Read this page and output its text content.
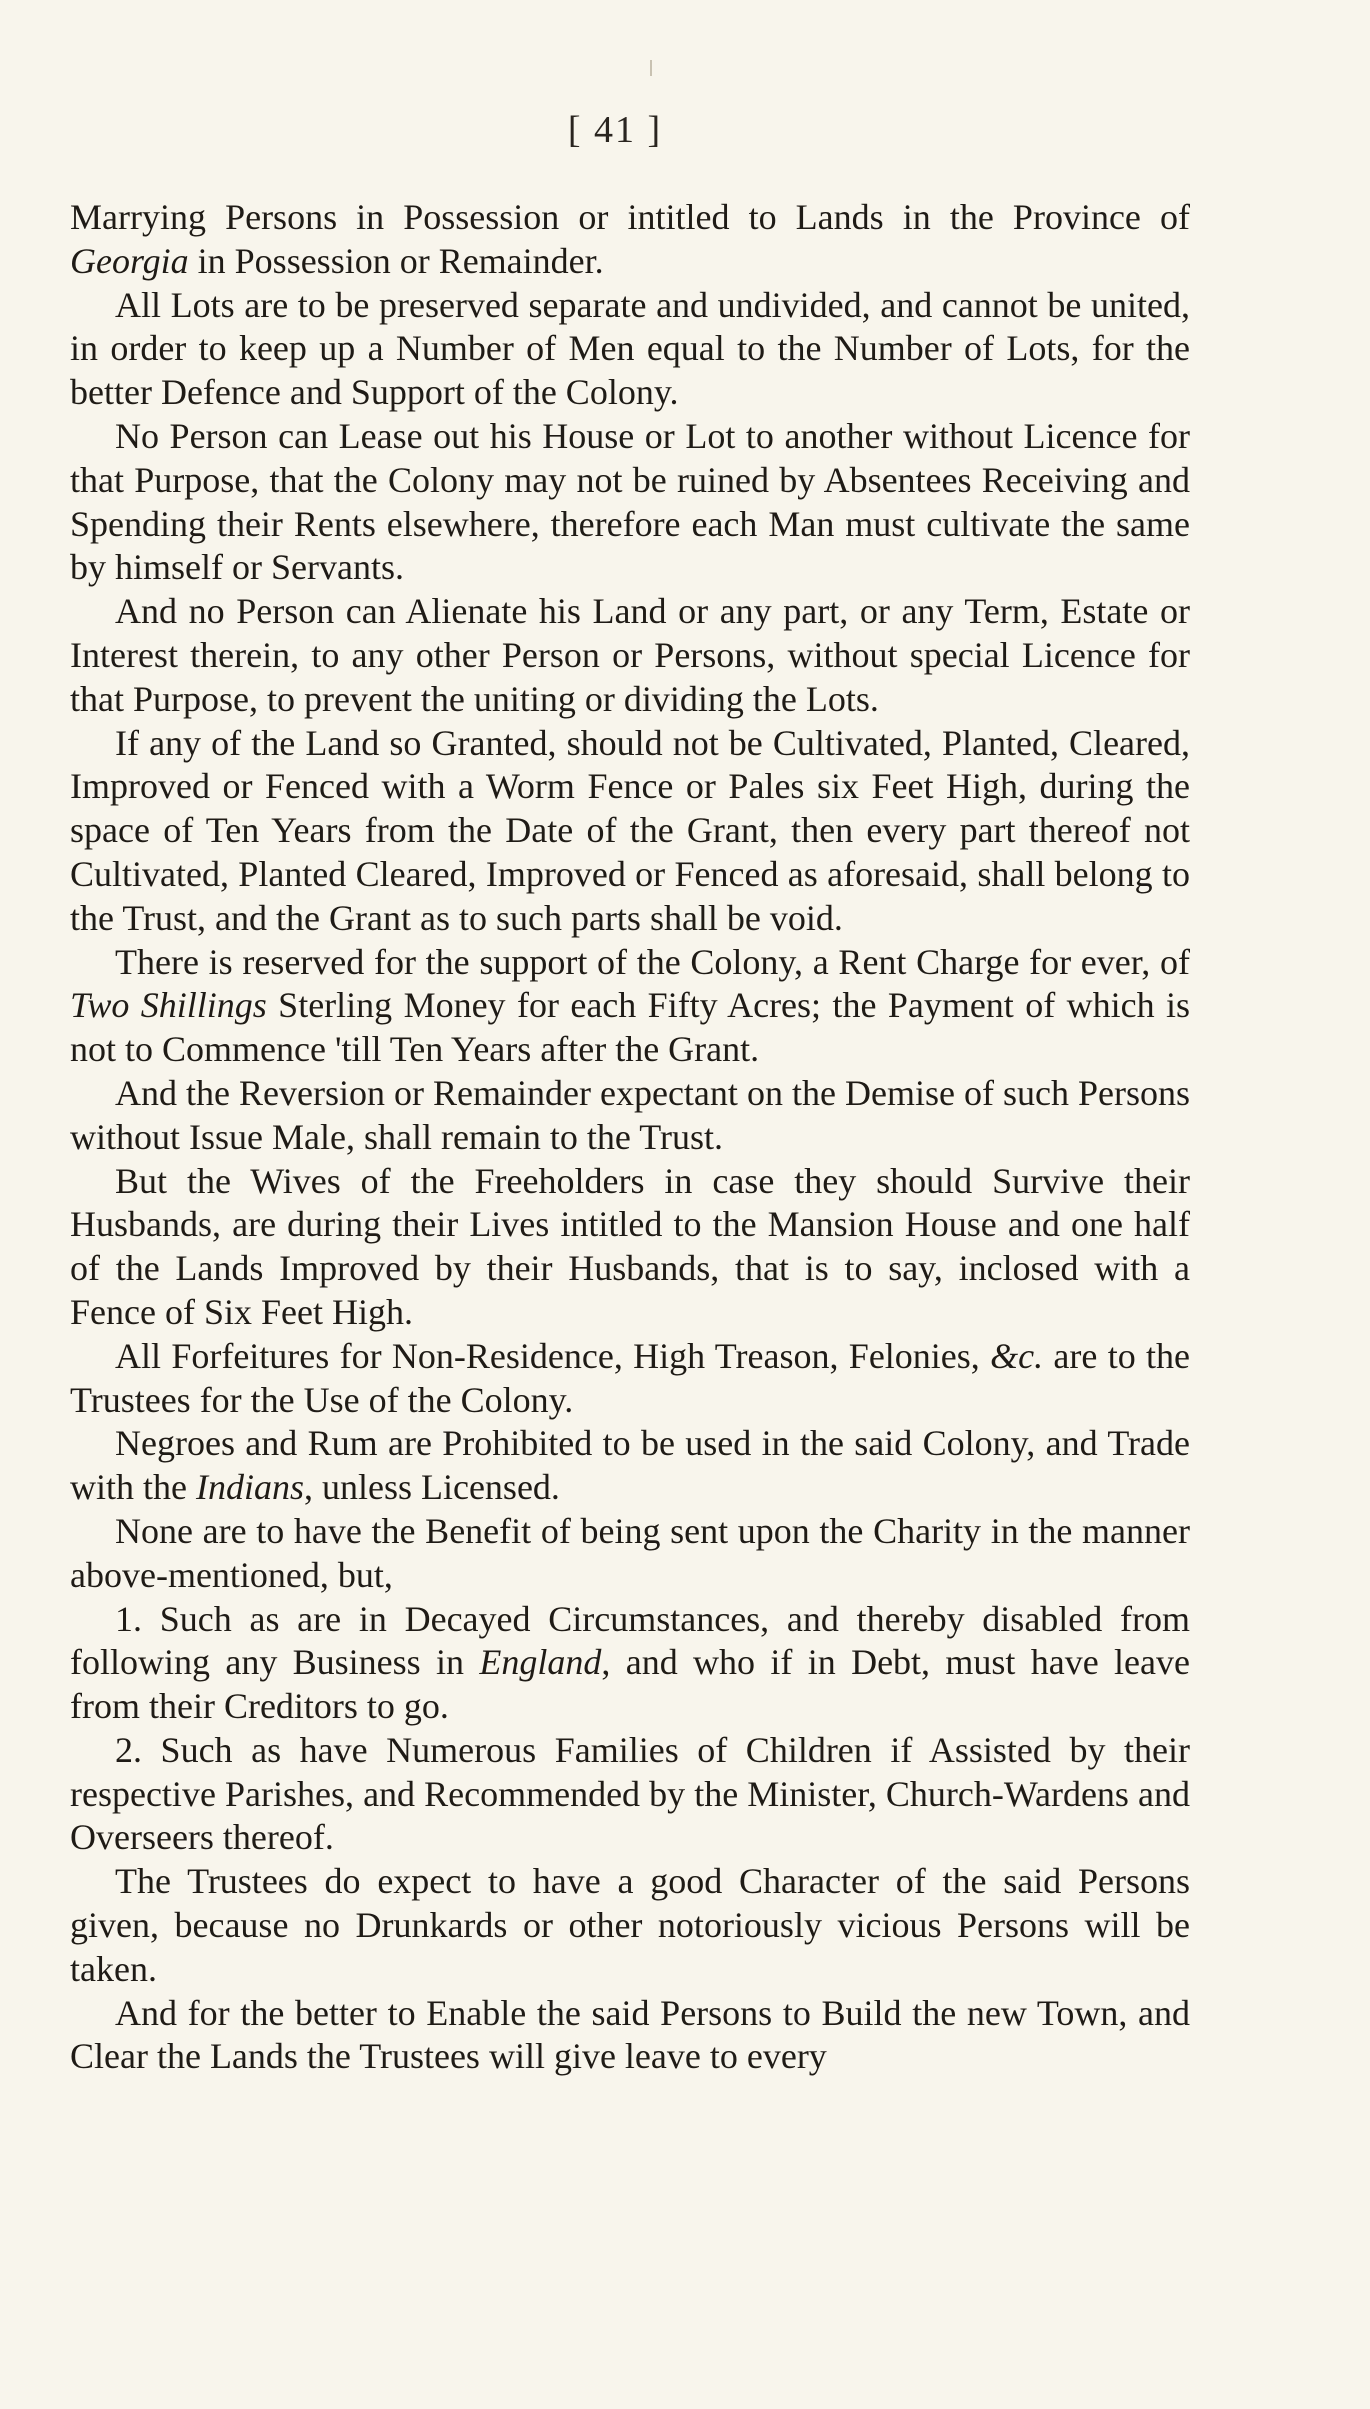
[ 41 ]

Marrying Persons in Possession or intitled to Lands in the Province of Georgia in Possession or Remainder.

All Lots are to be preserved separate and undivided, and cannot be united, in order to keep up a Number of Men equal to the Number of Lots, for the better Defence and Support of the Colony.

No Person can Lease out his House or Lot to another without Licence for that Purpose, that the Colony may not be ruined by Absentees Receiving and Spending their Rents elsewhere, therefore each Man must cultivate the same by himself or Servants.

And no Person can Alienate his Land or any part, or any Term, Estate or Interest therein, to any other Person or Persons, without special Licence for that Purpose, to prevent the uniting or dividing the Lots.

If any of the Land so Granted, should not be Cultivated, Planted, Cleared, Improved or Fenced with a Worm Fence or Pales six Feet High, during the space of Ten Years from the Date of the Grant, then every part thereof not Cultivated, Planted Cleared, Improved or Fenced as aforesaid, shall belong to the Trust, and the Grant as to such parts shall be void.

There is reserved for the support of the Colony, a Rent Charge for ever, of Two Shillings Sterling Money for each Fifty Acres; the Payment of which is not to Commence 'till Ten Years after the Grant.

And the Reversion or Remainder expectant on the Demise of such Persons without Issue Male, shall remain to the Trust.

But the Wives of the Freeholders in case they should Survive their Husbands, are during their Lives intitled to the Mansion House and one half of the Lands Improved by their Husbands, that is to say, inclosed with a Fence of Six Feet High.

All Forfeitures for Non-Residence, High Treason, Felonies, &c. are to the Trustees for the Use of the Colony.

Negroes and Rum are Prohibited to be used in the said Colony, and Trade with the Indians, unless Licensed.

None are to have the Benefit of being sent upon the Charity in the manner above-mentioned, but,

1. Such as are in Decayed Circumstances, and thereby disabled from following any Business in England, and who if in Debt, must have leave from their Creditors to go.

2. Such as have Numerous Families of Children if Assisted by their respective Parishes, and Recommended by the Minister, Church-Wardens and Overseers thereof.

The Trustees do expect to have a good Character of the said Persons given, because no Drunkards or other notoriously vicious Persons will be taken.

And for the better to Enable the said Persons to Build the new Town, and Clear the Lands the Trustees will give leave to every
